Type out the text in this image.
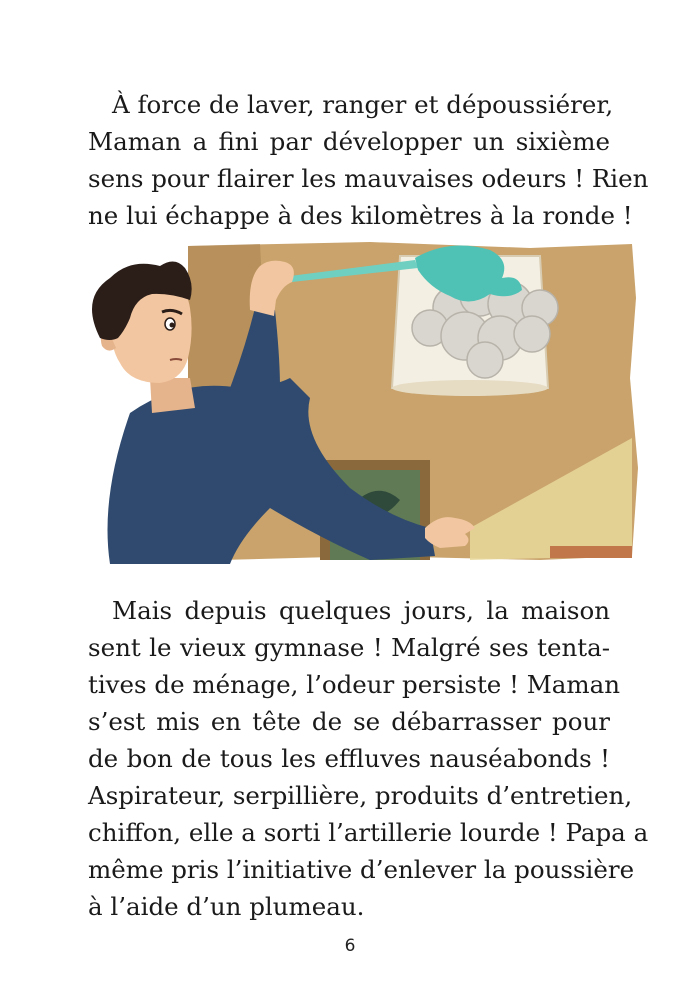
À force de laver, ranger et dépoussiérer,
Maman a fini par développer un sixième
sens pour flairer les mauvaises odeurs ! Rien
ne lui échappe à des kilomètres à la ronde !
Mais depuis quelques jours, la maison
sent le vieux gymnase ! Malgré ses tenta-
tives de ménage, l’odeur persiste ! Maman
s’est mis en tête de se débarrasser pour
de bon de tous les effluves nauséabonds !
Aspirateur, serpillière, produits d’entretien,
chiffon, elle a sorti l’artillerie lourde ! Papa a
même pris l’initiative d’enlever la poussière
à l’aide d’un plumeau.
6
